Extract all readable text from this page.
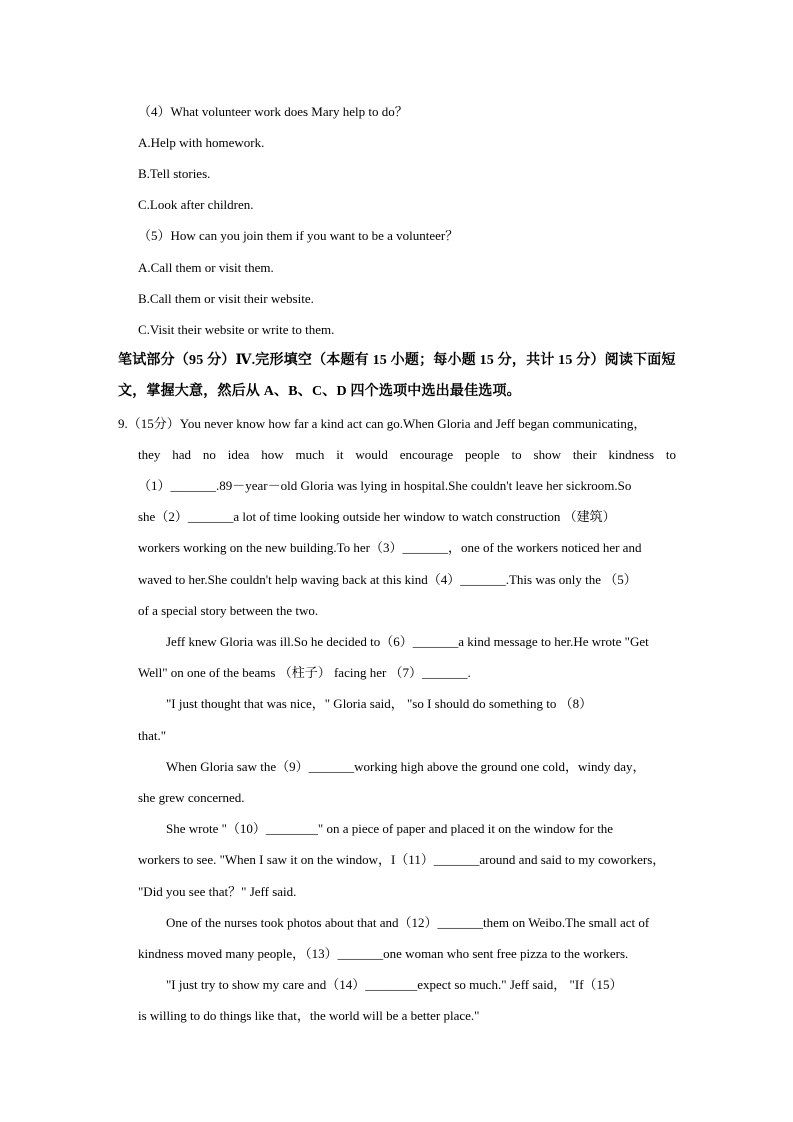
（4）What volunteer work does Mary help to do？
A.Help with homework.
B.Tell stories.
C.Look after children.
（5）How can you join them if you want to be a volunteer？
A.Call them or visit them.
B.Call them or visit their website.
C.Visit their website or write to them.
笔试部分（95 分）Ⅳ.完形填空（本题有 15 小题；每小题 15 分，共计 15 分）阅读下面短
文，掌握大意，然后从 A、B、C、D 四个选项中选出最佳选项。
9.（15分）You never know how far a kind act can go.When Gloria and Jeff began communicating，
they had no idea how much it would encourage people to show their kindness to
（1）_______.89－year－old Gloria was lying in hospital.She couldn't leave her sickroom.So
she（2）_______a lot of time looking outside her window to watch construction （建筑）
workers working on the new building.To her（3）_______，one of the workers noticed her and
waved to her.She couldn't help waving back at this kind（4）_______.This was only the （5）
of a special story between the two.
Jeff knew Gloria was ill.So he decided to（6）_______a kind message to her.He wrote "Get
Well" on one of the beams （柱子） facing her （7）_______.
"I just thought that was nice，" Gloria said， "so I should do something to （8）
that."
When Gloria saw the（9）_______working high above the ground one cold，windy day，
she grew concerned.
She wrote "（10）________" on a piece of paper and placed it on the window for the
workers to see. "When I saw it on the window，I（11）_______around and said to my coworkers，
"Did you see that？" Jeff said.
One of the nurses took photos about that and（12）_______them on Weibo.The small act of
kindness moved many people，（13）_______one woman who sent free pizza to the workers.
"I just try to show my care and（14）________expect so much." Jeff said， "If（15）
is willing to do things like that，the world will be a better place."
